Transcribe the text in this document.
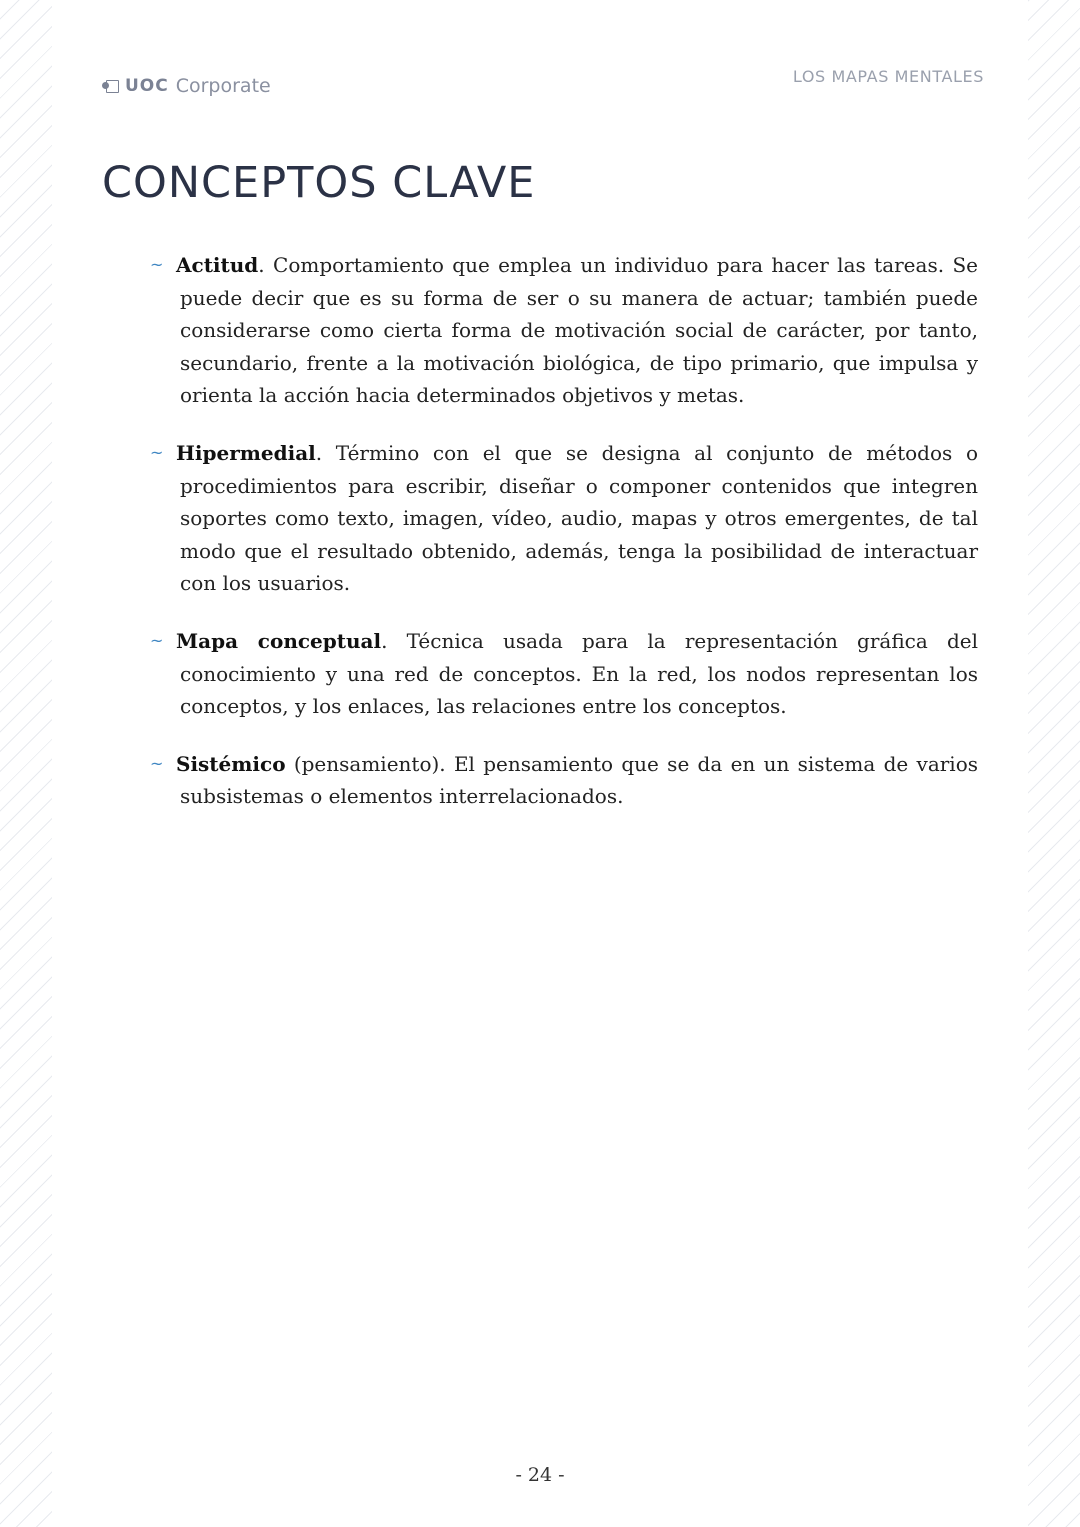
UOC Corporate	LOS MAPAS MENTALES
CONCEPTOS CLAVE
~ Actitud. Comportamiento que emplea un individuo para hacer las tareas. Se puede decir que es su forma de ser o su manera de actuar; también puede considerarse como cierta forma de motivación social de carácter, por tanto, secundario, frente a la motivación biológica, de tipo primario, que impulsa y orienta la acción hacia determinados objetivos y metas.
~ Hipermedial. Término con el que se designa al conjunto de métodos o procedimientos para escribir, diseñar o componer contenidos que integren soportes como texto, imagen, vídeo, audio, mapas y otros emergentes, de tal modo que el resultado obtenido, además, tenga la posibilidad de interactuar con los usuarios.
~ Mapa conceptual. Técnica usada para la representación gráfica del conocimiento y una red de conceptos. En la red, los nodos representan los conceptos, y los enlaces, las relaciones entre los conceptos.
~ Sistémico (pensamiento). El pensamiento que se da en un sistema de varios subsistemas o elementos interrelacionados.
- 24 -
